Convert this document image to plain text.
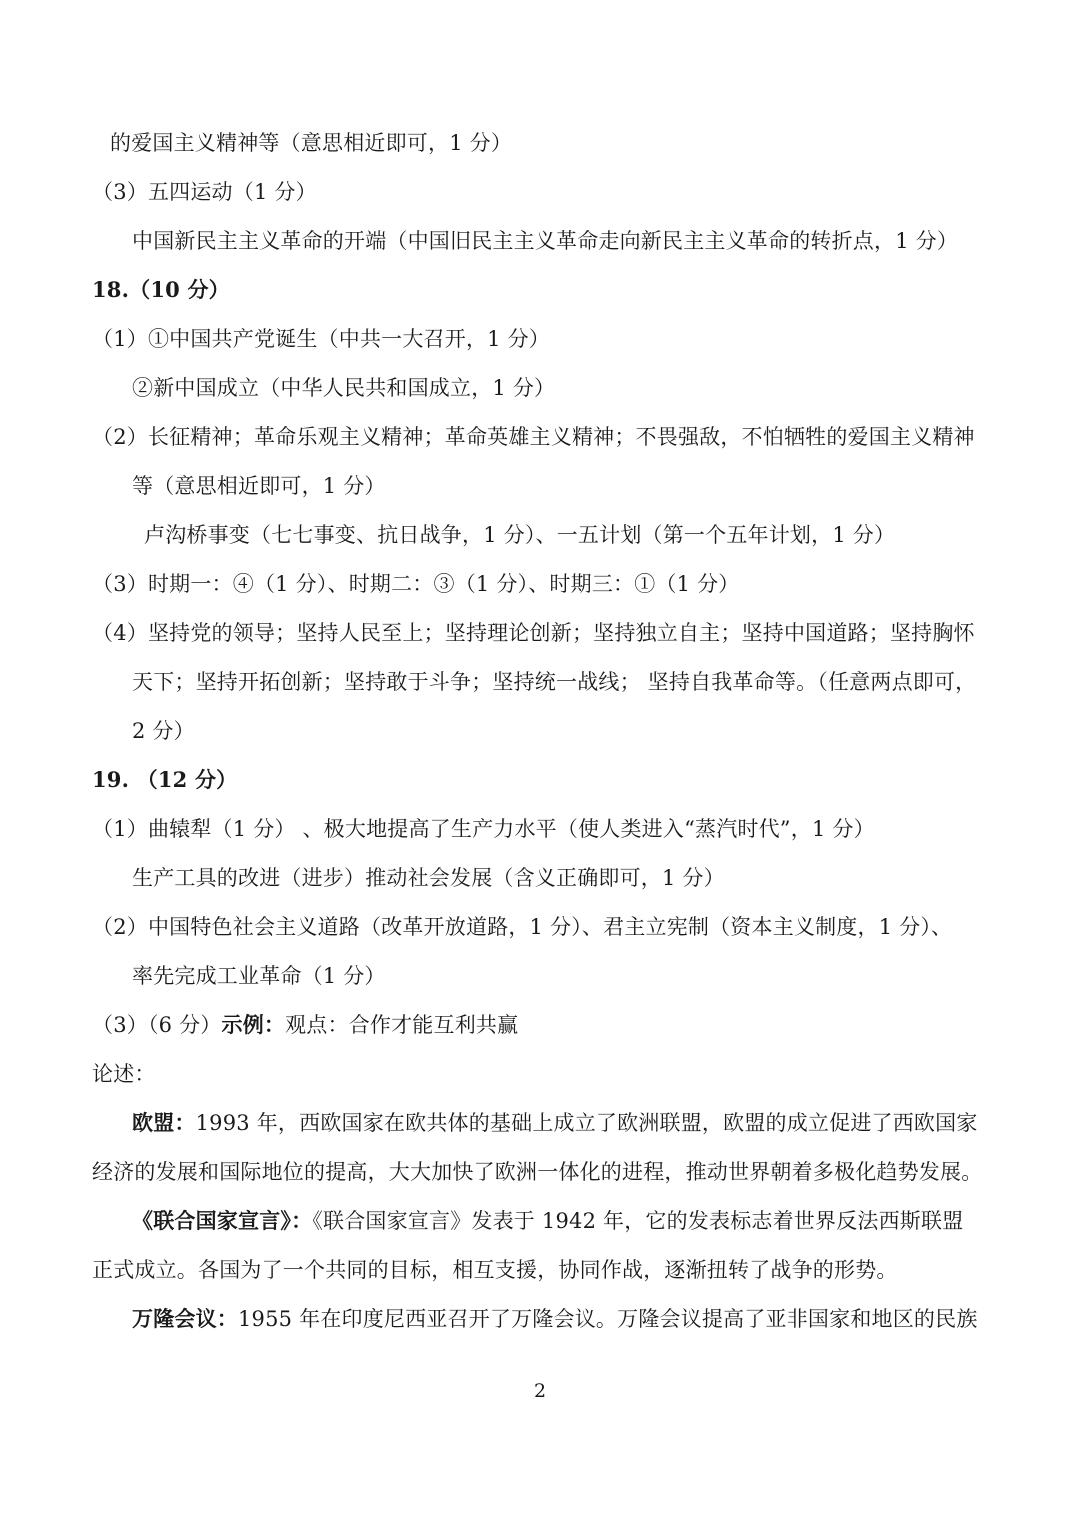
的爱国主义精神等（意思相近即可，1 分）
（3）五四运动（1 分）
中国新民主主义革命的开端（中国旧民主主义革命走向新民主主义革命的转折点，1 分）
18.（10 分）
（1）①中国共产党诞生（中共一大召开，1 分）
②新中国成立（中华人民共和国成立，1 分）
（2）长征精神；革命乐观主义精神；革命英雄主义精神；不畏强敌，不怕牺牲的爱国主义精神
等（意思相近即可，1 分）
卢沟桥事变（七七事变、抗日战争，1 分）、一五计划（第一个五年计划，1 分）
（3）时期一：④（1 分）、时期二：③（1 分）、时期三：①（1 分）
（4）坚持党的领导；坚持人民至上；坚持理论创新；坚持独立自主；坚持中国道路；坚持胸怀
天下；坚持开拓创新；坚持敢于斗争；坚持统一战线； 坚持自我革命等。（任意两点即可，
2 分）
19. （12 分）
（1）曲辕犁（1 分） 、极大地提高了生产力水平（使人类进入“蒸汽时代”，1 分）
生产工具的改进（进步）推动社会发展（含义正确即可，1 分）
（2）中国特色社会主义道路（改革开放道路，1 分）、君主立宪制（资本主义制度，1 分）、
率先完成工业革命（1 分）
（3）（6 分）示例：观点：合作才能互利共赢
论述：
欧盟：1993 年，西欧国家在欧共体的基础上成立了欧洲联盟，欧盟的成立促进了西欧国家
经济的发展和国际地位的提高，大大加快了欧洲一体化的进程，推动世界朝着多极化趋势发展。
《联合国家宣言》：《联合国家宣言》发表于 1942 年，它的发表标志着世界反法西斯联盟
正式成立。各国为了一个共同的目标，相互支援，协同作战，逐渐扭转了战争的形势。
万隆会议：1955 年在印度尼西亚召开了万隆会议。万隆会议提高了亚非国家和地区的民族
2
